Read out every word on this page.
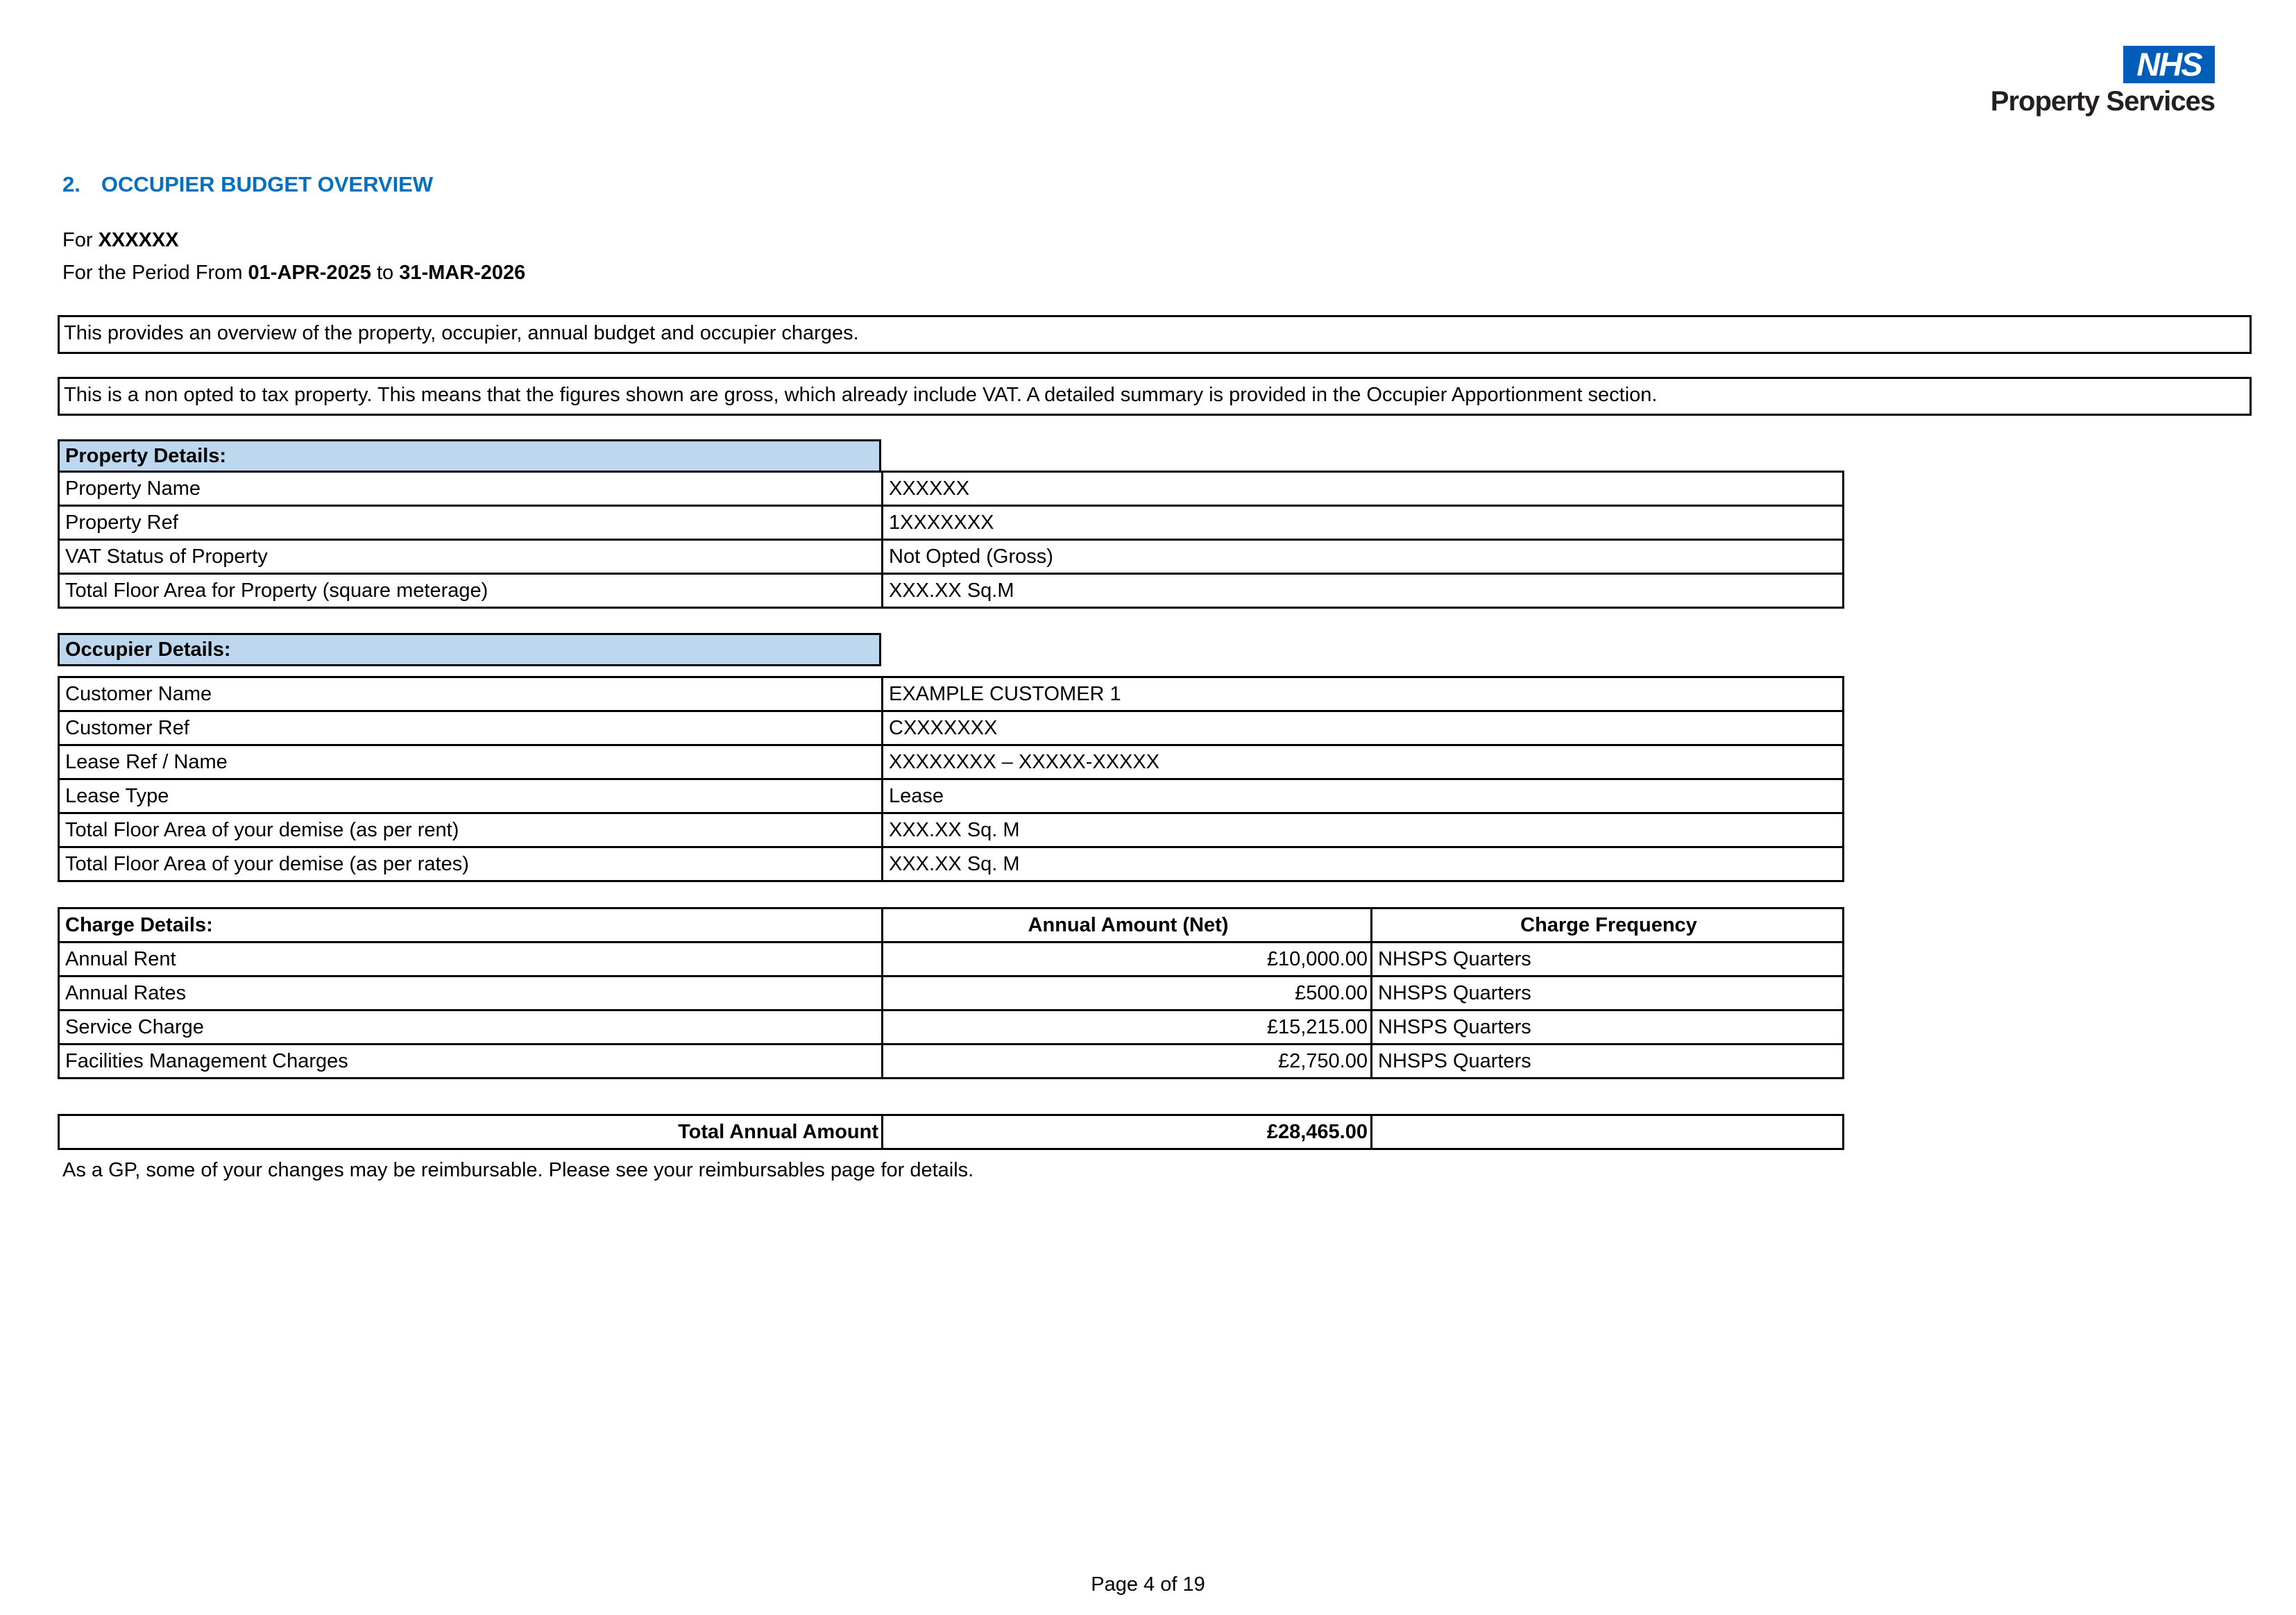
NHS
Property Services
2. OCCUPIER BUDGET OVERVIEW
For XXXXXX
For the Period From 01-APR-2025 to 31-MAR-2026
This provides an overview of the property, occupier, annual budget and occupier charges.
This is a non opted to tax property. This means that the figures shown are gross, which already include VAT. A detailed summary is provided in the Occupier Apportionment section.
Property Details:
Property Name	XXXXXX
Property Ref	1XXXXXXX
VAT Status of Property	Not Opted (Gross)
Total Floor Area for Property (square meterage)	XXX.XX Sq.M
Occupier Details:
Customer Name	EXAMPLE CUSTOMER 1
Customer Ref	CXXXXXXX
Lease Ref / Name	XXXXXXXX – XXXXX-XXXXX
Lease Type	Lease
Total Floor Area of your demise (as per rent)	XXX.XX Sq. M
Total Floor Area of your demise (as per rates)	XXX.XX Sq. M
Charge Details:	Annual Amount (Net)	Charge Frequency
Annual Rent	£10,000.00	NHSPS Quarters
Annual Rates	£500.00	NHSPS Quarters
Service Charge	£15,215.00	NHSPS Quarters
Facilities Management Charges	£2,750.00	NHSPS Quarters
Total Annual Amount	£28,465.00	
As a GP, some of your changes may be reimbursable. Please see your reimbursables page for details.
Page 4 of 19
